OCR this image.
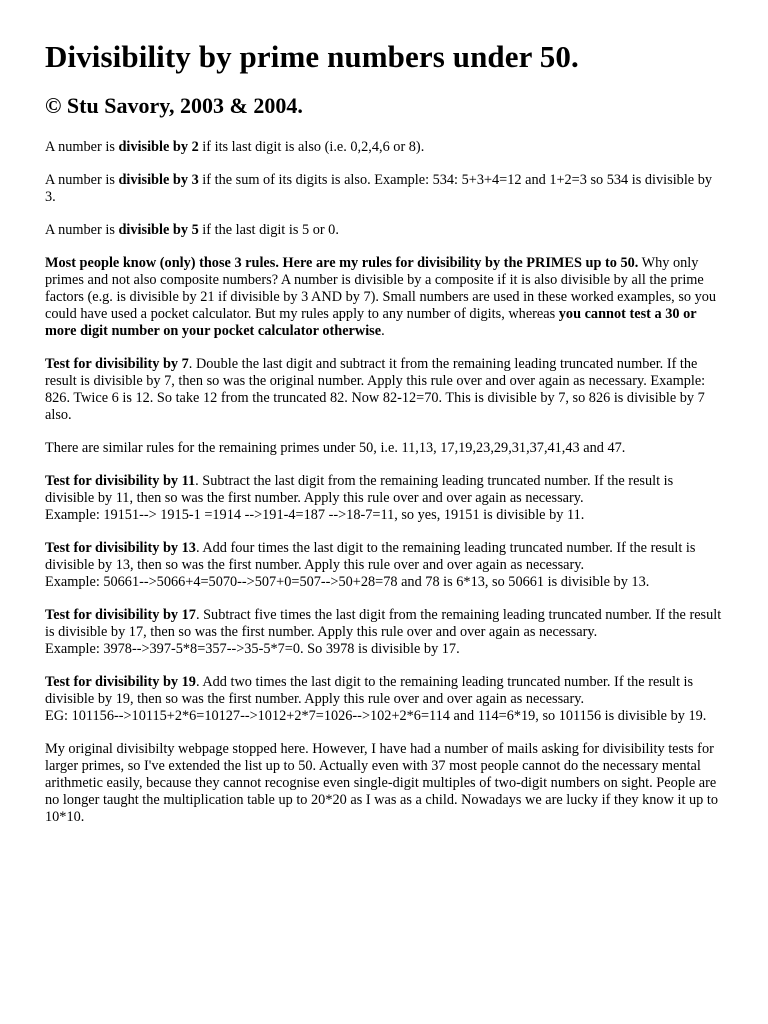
Divisibility by prime numbers under 50.
© Stu Savory, 2003 & 2004.

A number is divisible by 2 if its last digit is also (i.e. 0,2,4,6 or 8).

A number is divisible by 3 if the sum of its digits is also. Example: 534: 5+3+4=12 and 1+2=3 so 534 is divisible by 3.

A number is divisible by 5 if the last digit is 5 or 0.

Most people know (only) those 3 rules. Here are my rules for divisibility by the PRIMES up to 50. Why only primes and not also composite numbers? A number is divisible by a composite if it is also divisible by all the prime factors (e.g. is divisible by 21 if divisible by 3 AND by 7). Small numbers are used in these worked examples, so you could have used a pocket calculator. But my rules apply to any number of digits, whereas you cannot test a 30 or more digit number on your pocket calculator otherwise.

Test for divisibility by 7. Double the last digit and subtract it from the remaining leading truncated number. If the result is divisible by 7, then so was the original number. Apply this rule over and over again as necessary. Example: 826. Twice 6 is 12. So take 12 from the truncated 82. Now 82-12=70. This is divisible by 7, so 826 is divisible by 7 also.

There are similar rules for the remaining primes under 50, i.e. 11,13, 17,19,23,29,31,37,41,43 and 47.

Test for divisibility by 11. Subtract the last digit from the remaining leading truncated number. If the result is divisible by 11, then so was the first number. Apply this rule over and over again as necessary.
Example: 19151--> 1915-1 =1914 -->191-4=187 -->18-7=11, so yes, 19151 is divisible by 11.

Test for divisibility by 13. Add four times the last digit to the remaining leading truncated number. If the result is divisible by 13, then so was the first number. Apply this rule over and over again as necessary.
Example: 50661-->5066+4=5070-->507+0=507-->50+28=78 and 78 is 6*13, so 50661 is divisible by 13.

Test for divisibility by 17. Subtract five times the last digit from the remaining leading truncated number. If the result is divisible by 17, then so was the first number. Apply this rule over and over again as necessary.
Example: 3978-->397-5*8=357-->35-5*7=0. So 3978 is divisible by 17.

Test for divisibility by 19. Add two times the last digit to the remaining leading truncated number. If the result is divisible by 19, then so was the first number. Apply this rule over and over again as necessary.
EG: 101156-->10115+2*6=10127-->1012+2*7=1026-->102+2*6=114 and 114=6*19, so 101156 is divisible by 19.

My original divisibilty webpage stopped here. However, I have had a number of mails asking for divisibility tests for larger primes, so I've extended the list up to 50. Actually even with 37 most people cannot do the necessary mental arithmetic easily, because they cannot recognise even single-digit multiples of two-digit numbers on sight. People are no longer taught the multiplication table up to 20*20 as I was as a child. Nowadays we are lucky if they know it up to 10*10.
